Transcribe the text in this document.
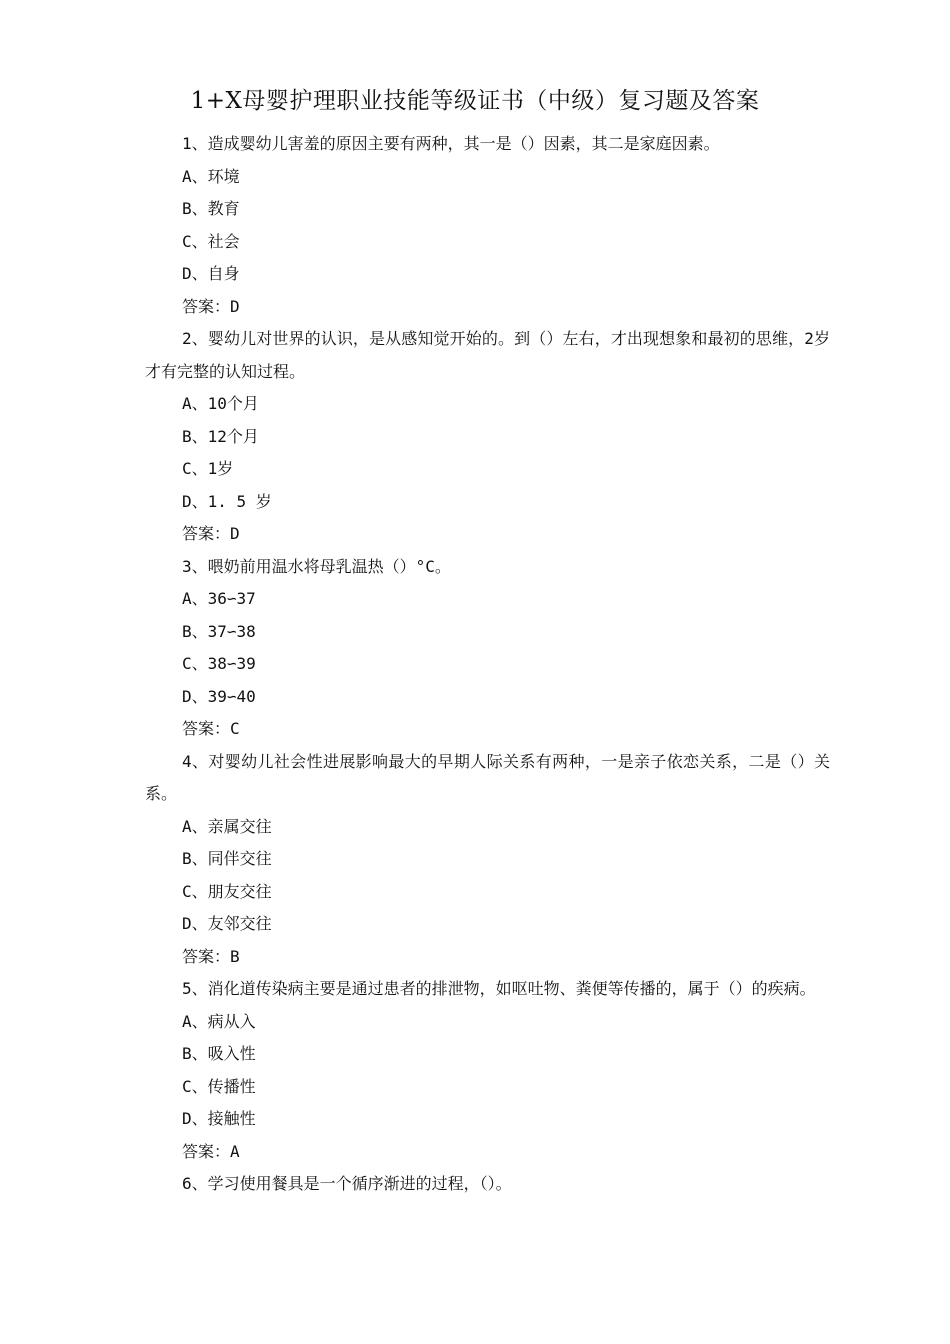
1+X母婴护理职业技能等级证书（中级）复习题及答案

1、造成婴幼儿害羞的原因主要有两种，其一是（）因素，其二是家庭因素。

A、环境
B、教育
C、社会
D、自身
答案：D

2、婴幼儿对世界的认识，是从感知觉开始的。到（）左右，才出现想象和最初的思维，2岁才有完整的认知过程。

A、10个月
B、12个月
C、1岁
D、1. 5 岁
答案：D

3、喂奶前用温水将母乳温热（）°C。

A、36∽37
B、37∽38
C、38∽39
D、39∽40
答案：C

4、对婴幼儿社会性进展影响最大的早期人际关系有两种，一是亲子依恋关系，二是（）关系。

A、亲属交往
B、同伴交往
C、朋友交往
D、友邻交往
答案：B

5、消化道传染病主要是通过患者的排泄物，如呕吐物、粪便等传播的，属于（）的疾病。

A、病从入
B、吸入性
C、传播性
D、接触性
答案：A

6、学习使用餐具是一个循序渐进的过程，（）。
